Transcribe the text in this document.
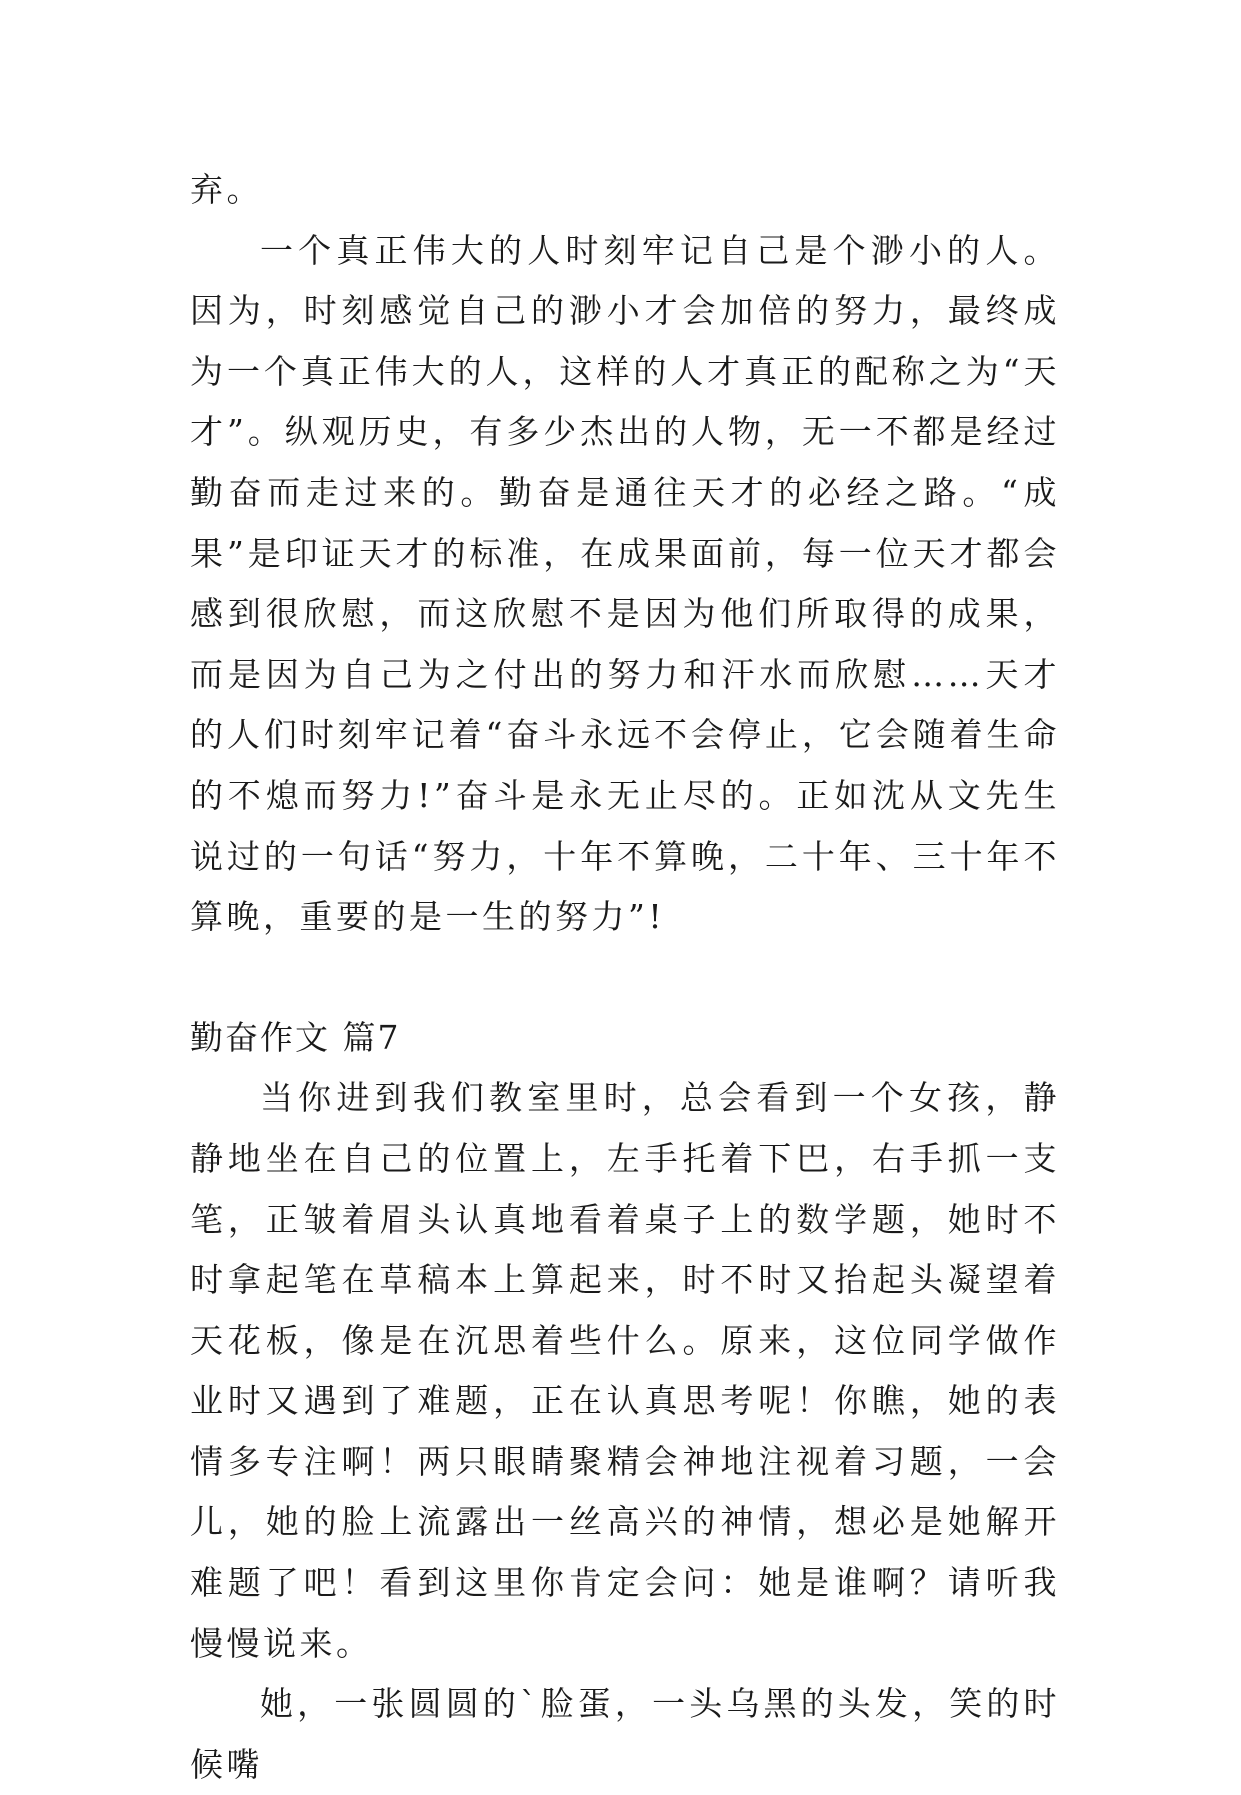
弃。

一个真正伟大的人时刻牢记自己是个渺小的人。因为，时刻感觉自己的渺小才会加倍的努力，最终成为一个真正伟大的人，这样的人才真正的配称之为“天才”。纵观历史，有多少杰出的人物，无一不都是经过勤奋而走过来的。勤奋是通往天才的必经之路。“成果”是印证天才的标准，在成果面前，每一位天才都会感到很欣慰，而这欣慰不是因为他们所取得的成果，而是因为自己为之付出的努力和汗水而欣慰……天才的人们时刻牢记着“奋斗永远不会停止，它会随着生命的不熄而努力!”奋斗是永无止尽的。正如沈从文先生说过的一句话“努力，十年不算晚，二十年、三十年不算晚，重要的是一生的努力”!

勤奋作文 篇7

当你进到我们教室里时，总会看到一个女孩，静静地坐在自己的位置上，左手托着下巴，右手抓一支笔，正皱着眉头认真地看着桌子上的数学题，她时不时拿起笔在草稿本上算起来，时不时又抬起头凝望着天花板，像是在沉思着些什么。原来，这位同学做作业时又遇到了难题，正在认真思考呢！你瞧，她的表情多专注啊！两只眼睛聚精会神地注视着习题，一会儿，她的脸上流露出一丝高兴的神情，想必是她解开难题了吧！看到这里你肯定会问：她是谁啊？请听我慢慢说来。

她，一张圆圆的`脸蛋，一头乌黑的头发，笑的时候嘴
